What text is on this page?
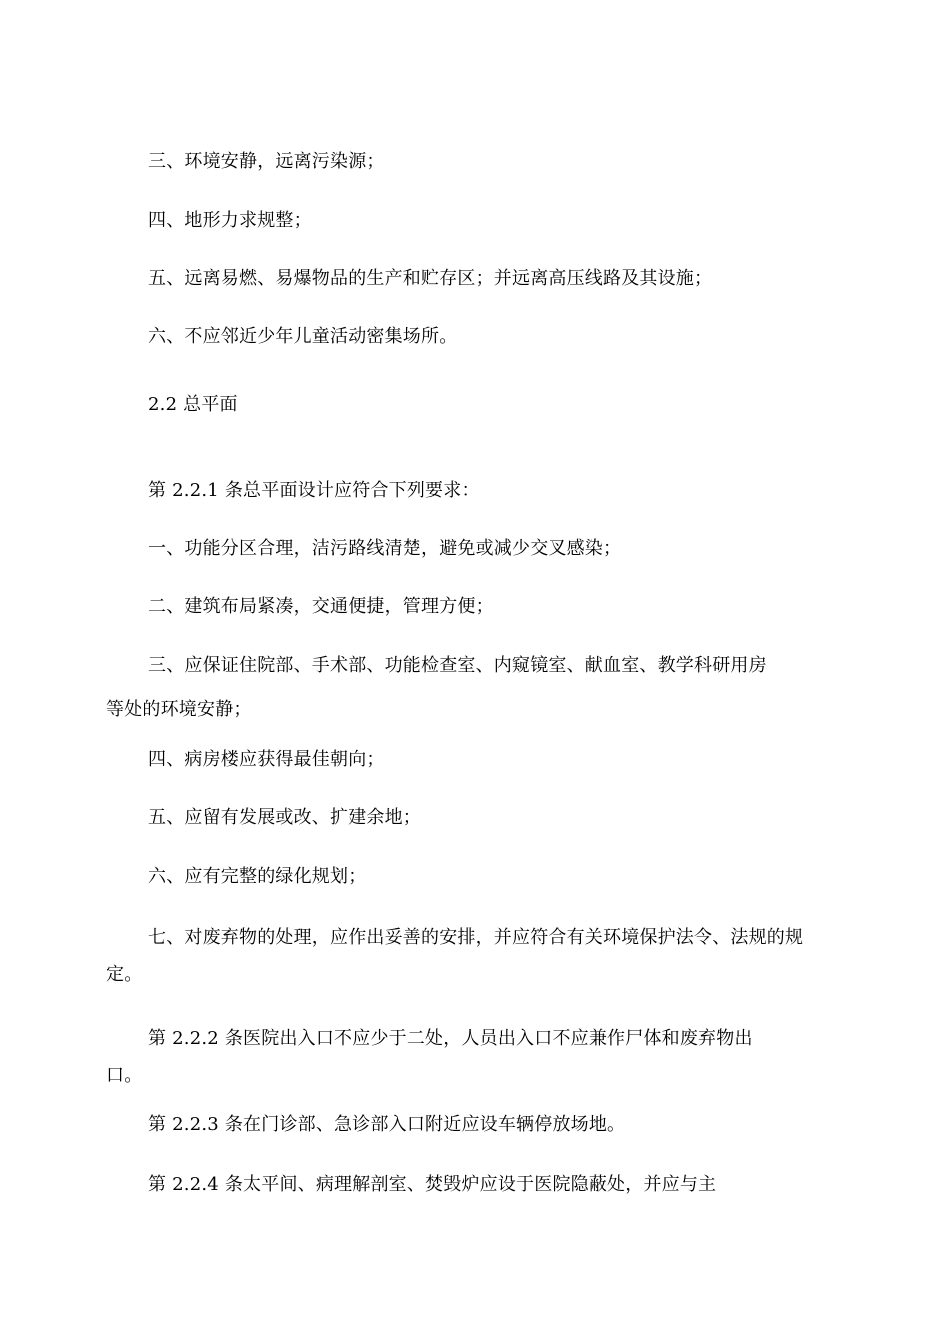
三、环境安静，远离污染源；
四、地形力求规整；
五、远离易燃、易爆物品的生产和贮存区；并远离高压线路及其设施；
六、不应邻近少年儿童活动密集场所。
2.2 总平面
第 2.2.1 条总平面设计应符合下列要求：
一、功能分区合理，洁污路线清楚，避免或减少交叉感染；
二、建筑布局紧凑，交通便捷，管理方便；
三、应保证住院部、手术部、功能检查室、内窥镜室、献血室、教学科研用房
等处的环境安静；
四、病房楼应获得最佳朝向；
五、应留有发展或改、扩建余地；
六、应有完整的绿化规划；
七、对废弃物的处理，应作出妥善的安排，并应符合有关环境保护法令、法规的规
定。
第 2.2.2 条医院出入口不应少于二处，人员出入口不应兼作尸体和废弃物出
口。
第 2.2.3 条在门诊部、急诊部入口附近应设车辆停放场地。
第 2.2.4 条太平间、病理解剖室、焚毁炉应设于医院隐蔽处，并应与主
